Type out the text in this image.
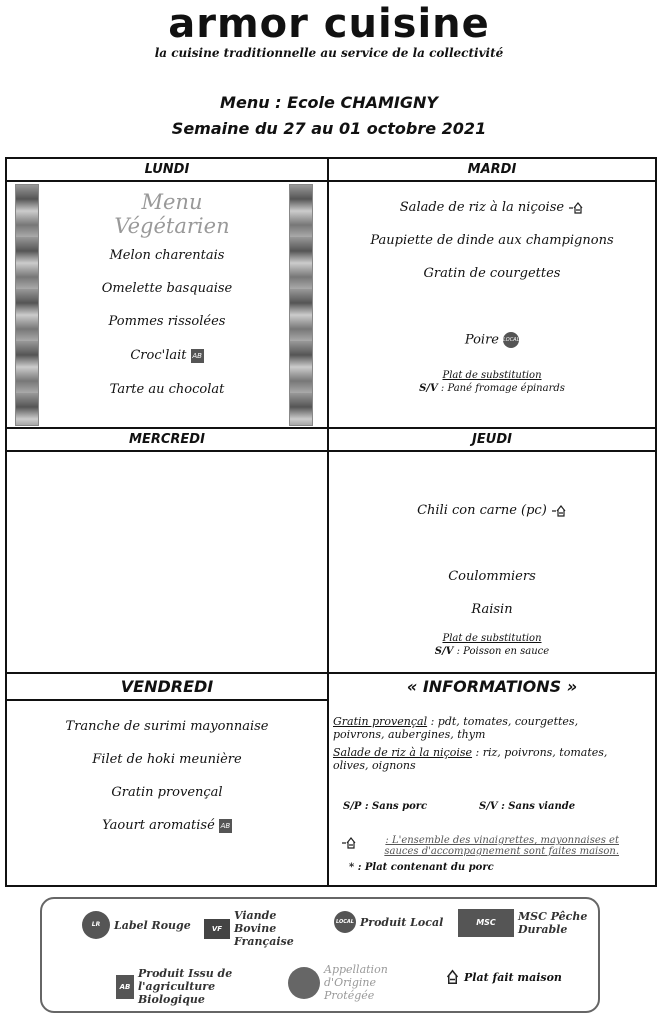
armor cuisine
la cuisine traditionnelle au service de la collectivité
Menu : Ecole CHAMIGNY
Semaine du 27 au 01 octobre 2021
LUNDI
Menu Végétarien
Melon charentais
Omelette basquaise
Pommes rissolées
Croc'lait AB
Tarte au chocolat
MARDI
Salade de riz à la niçoise
Paupiette de dinde aux champignons
Gratin de courgettes
Poire LOCAL
Plat de substitution
S/V : Pané fromage épinards
MERCREDI	JEUDI
Chili con carne (pc)
Coulommiers
Raisin
Plat de substitution
S/V : Poisson en sauce
VENDREDI
Tranche de surimi mayonnaise
Filet de hoki meunière
Gratin provençal
Yaourt aromatisé AB
« INFORMATIONS »
Gratin provençal : pdt, tomates, courgettes, poivrons, aubergines, thym
Salade de riz à la niçoise : riz, poivrons, tomates, olives, oignons
S/P : Sans porc	S/V : Sans viande
: L'ensemble des vinaigrettes, mayonnaises et sauces d'accompagnement sont faites maison.
* : Plat contenant du porc
LR	Label Rouge	VF
Viande Bovine Française
LOCAL Produit Local	MSC	MSC Pêche Durable
AB
Produit Issu de l'agriculture Biologique
Appellation d'Origine Protégée
Plat fait maison
